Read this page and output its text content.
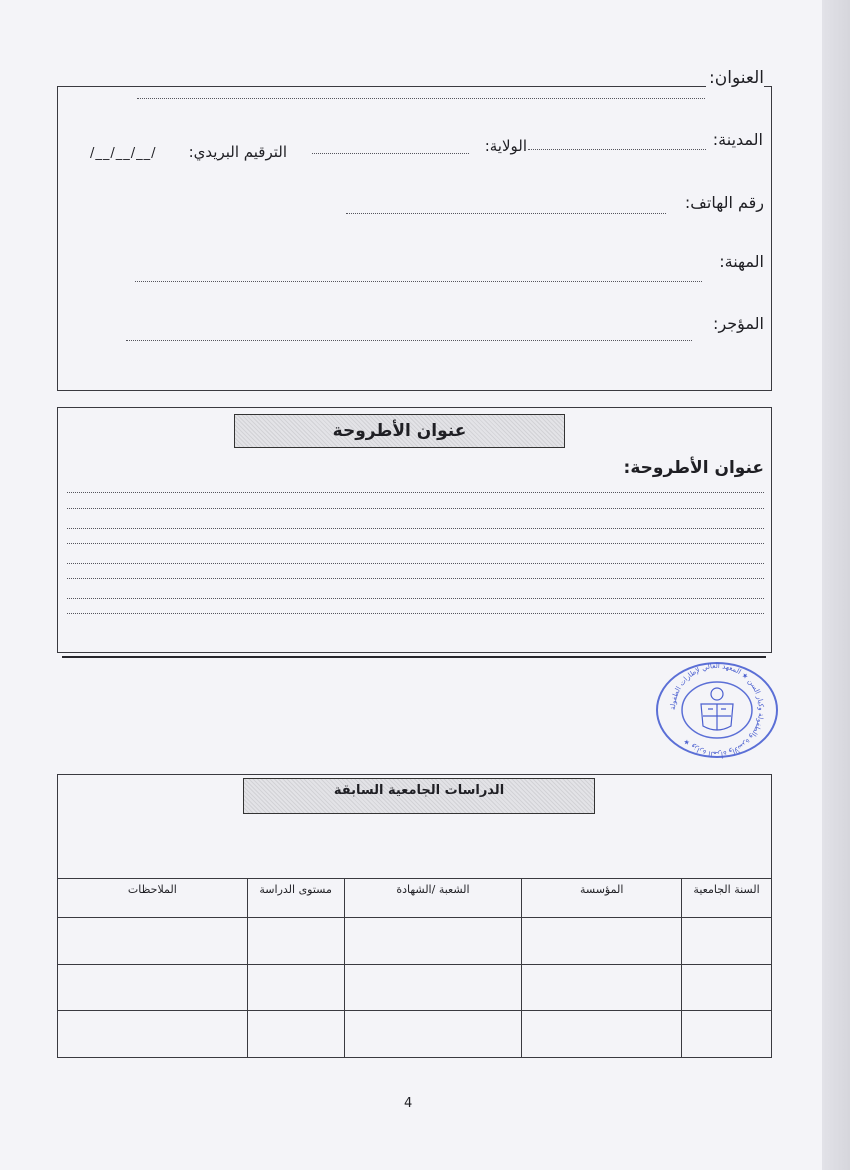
العنوان:
المدينة:
الولاية:
الترقيم البريدي:
/__/__/__/
رقم الهاتف:
المهنة:
المؤجر:
عنوان الأطروحة
عنوان الأطروحة:
وزارة المرأة والأسرة والطفولة وكبار السن ★ المعهد العالي لإطارات الطفولة ★
الدراسات الجامعية السابقة
الملاحظات	مستوى الدراسة	الشعبة /الشهادة	المؤسسة	السنة الجامعية

4
